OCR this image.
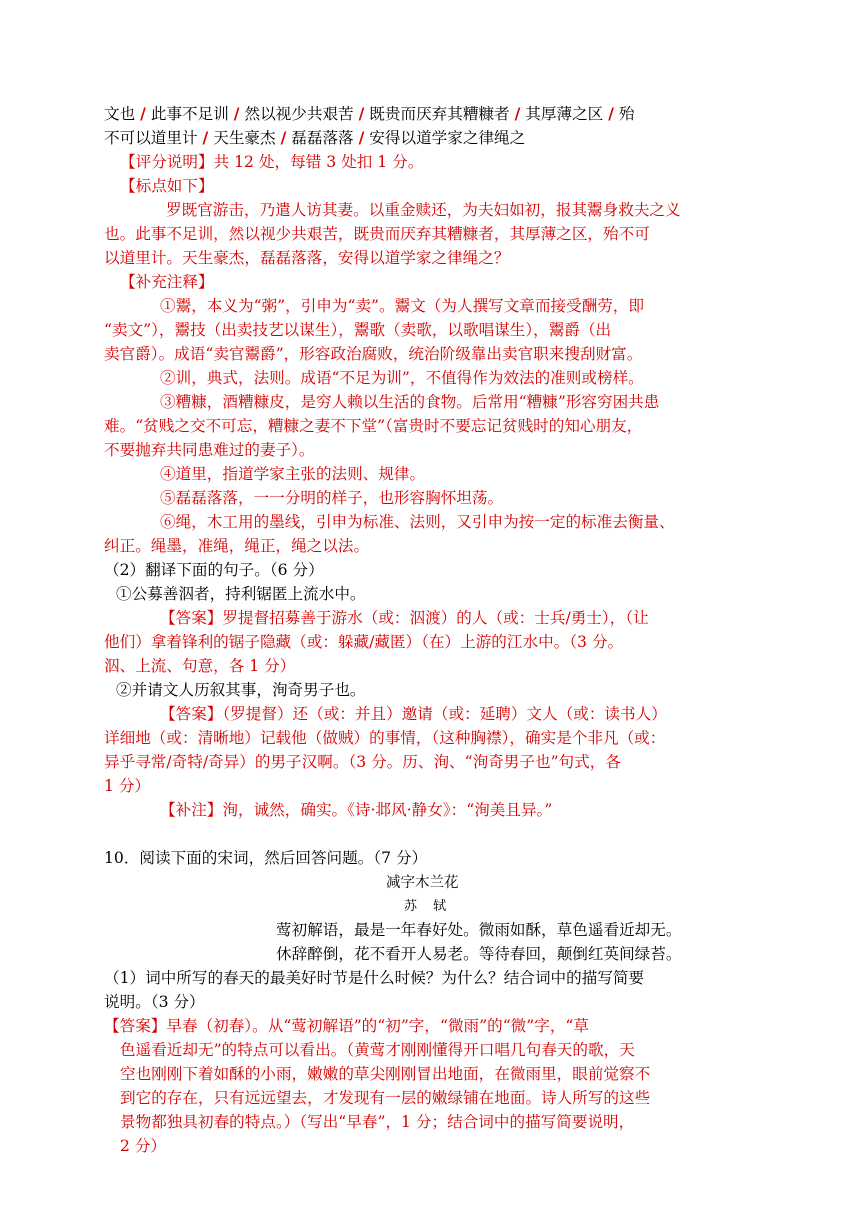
文也 / 此事不足训 / 然以视少共艰苦 / 既贵而厌弃其糟糠者 / 其厚薄之区 / 殆
不可以道里计 / 天生豪杰 / 磊磊落落 / 安得以道学家之律绳之
【评分说明】共 12 处，每错 3 处扣 1 分。
【标点如下】
罗既官游击，乃遣人访其妻。以重金赎还，为夫妇如初，报其鬻身救夫之义
也。此事不足训，然以视少共艰苦，既贵而厌弃其糟糠者，其厚薄之区，殆不可
以道里计。天生豪杰，磊磊落落，安得以道学家之律绳之？
【补充注释】
①鬻，本义为“粥”，引申为“卖”。鬻文（为人撰写文章而接受酬劳，即
“卖文”），鬻技（出卖技艺以谋生），鬻歌（卖歌，以歌唱谋生），鬻爵（出
卖官爵）。成语“卖官鬻爵”，形容政治腐败，统治阶级靠出卖官职来搜刮财富。
②训，典式，法则。成语“不足为训”，不值得作为效法的准则或榜样。
③糟糠，酒糟糠皮，是穷人赖以生活的食物。后常用“糟糠”形容穷困共患
难。“贫贱之交不可忘，糟糠之妻不下堂”（富贵时不要忘记贫贱时的知心朋友，
不要抛弃共同患难过的妻子）。
④道里，指道学家主张的法则、规律。
⑤磊磊落落，一一分明的样子，也形容胸怀坦荡。
⑥绳，木工用的墨线，引申为标准、法则，又引申为按一定的标准去衡量、
纠正。绳墨，准绳，绳正，绳之以法。
（2）翻译下面的句子。（6 分）
①公募善泅者，持利锯匿上流水中。
【答案】罗提督招募善于游水（或：泅渡）的人（或：士兵/勇士），（让
他们）拿着锋利的锯子隐藏（或：躲藏/藏匿）（在）上游的江水中。（3 分。
泅、上流、句意，各 1 分）
②并请文人历叙其事，洵奇男子也。
【答案】（罗提督）还（或：并且）邀请（或：延聘）文人（或：读书人）
详细地（或：清晰地）记载他（做贼）的事情，（这种胸襟），确实是个非凡（或：
异乎寻常/奇特/奇异）的男子汉啊。（3 分。历、洵、“洵奇男子也”句式，各
1 分）
【补注】洵，诚然，确实。《诗·邶风·静女》：“洵美且异。”
10．阅读下面的宋词，然后回答问题。（7 分）
减字木兰花
苏 轼
莺初解语，最是一年春好处。微雨如酥，草色遥看近却无。
休辞醉倒，花不看开人易老。等待春回，颠倒红英间绿苔。
（1）词中所写的春天的最美好时节是什么时候？为什么？结合词中的描写简要
说明。（3 分）
【答案】早春（初春）。从“莺初解语”的“初”字，“微雨”的“微”字，“草
色遥看近却无”的特点可以看出。（黄莺才刚刚懂得开口唱几句春天的歌，天
空也刚刚下着如酥的小雨，嫩嫩的草尖刚刚冒出地面，在微雨里，眼前觉察不
到它的存在，只有远远望去，才发现有一层的嫩绿铺在地面。诗人所写的这些
景物都独具初春的特点。）（写出“早春”，1 分；结合词中的描写简要说明，
2 分）
